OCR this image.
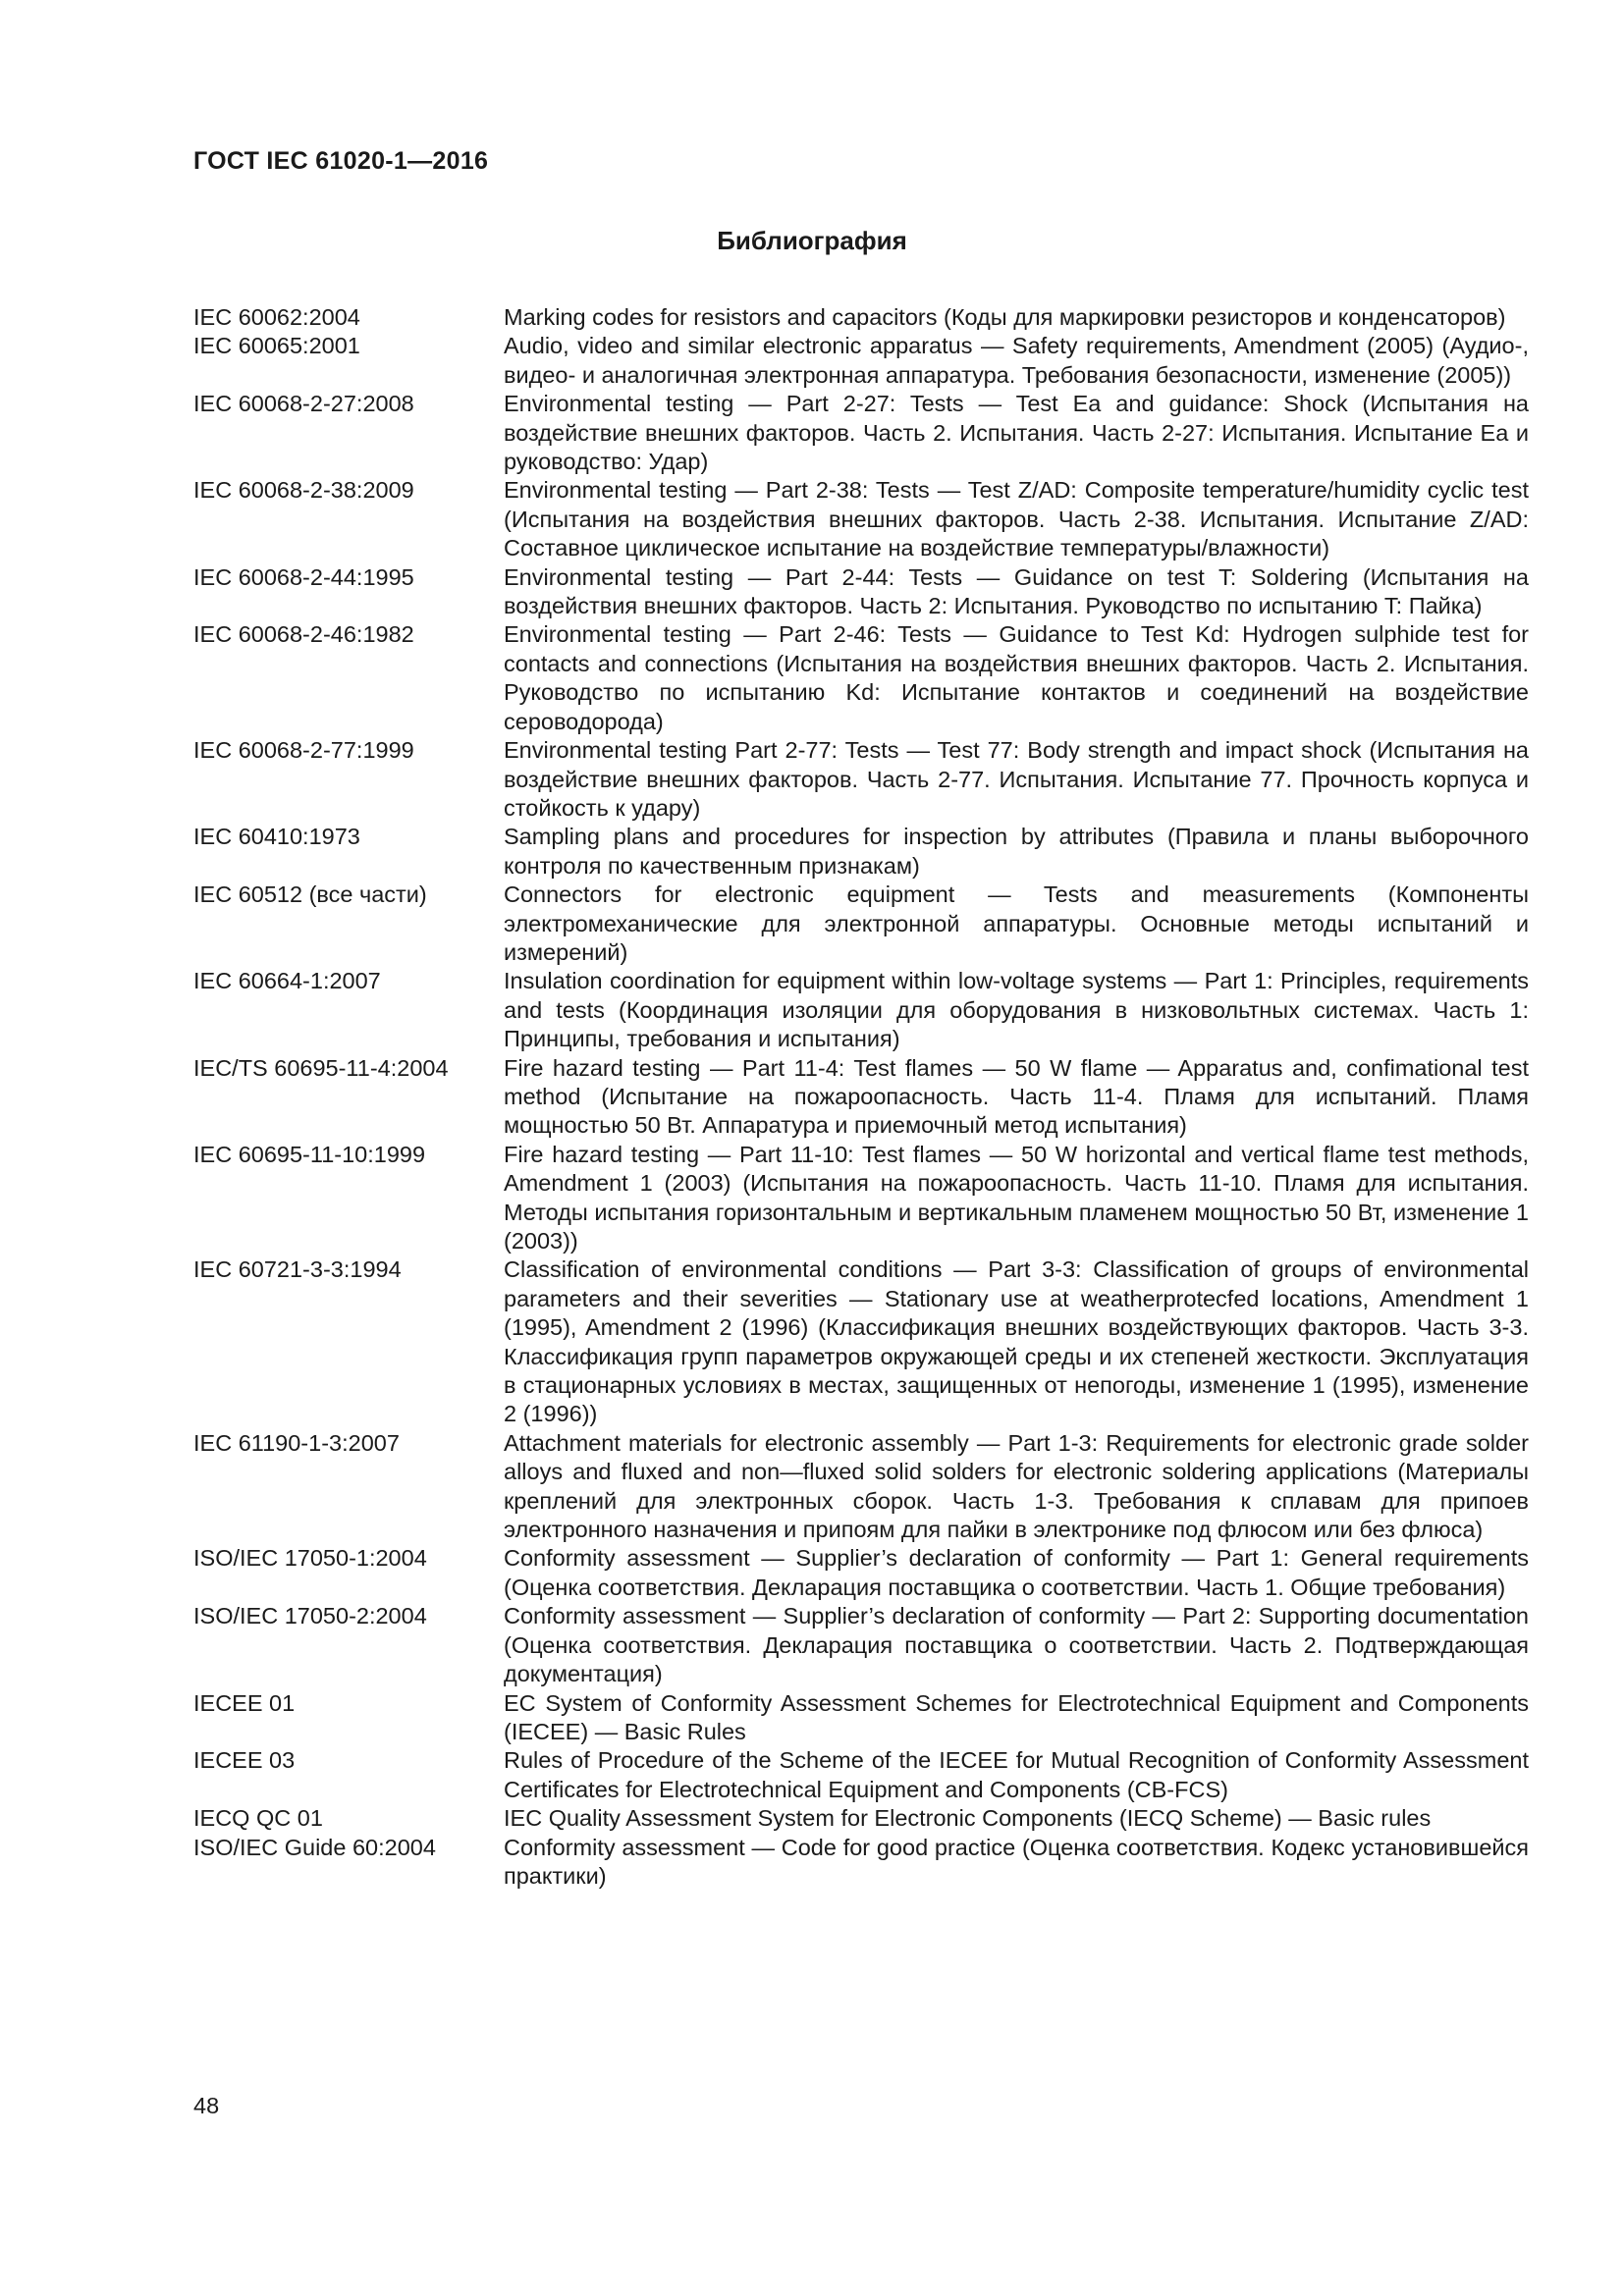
ГОСТ IEC 61020-1—2016
Библиография
IEC 60062:2004	Marking codes for resistors and capacitors (Коды для маркировки резисторов и конденсаторов)
IEC 60065:2001	Audio, video and similar electronic apparatus — Safety requirements, Amendment (2005) (Аудио-, видео- и аналогичная электронная аппаратура. Требования безопасности, изменение (2005))
IEC 60068-2-27:2008	Environmental testing — Part 2-27: Tests — Test Ea and guidance: Shock (Испытания на воздействие внешних факторов. Часть 2. Испытания. Часть 2-27: Испытания. Испытание Ea и руководство: Удар)
IEC 60068-2-38:2009	Environmental testing — Part 2-38: Tests — Test Z/AD: Composite temperature/humidity cyclic test (Испытания на воздействия внешних факторов. Часть 2-38. Испытания. Испытание Z/AD: Составное циклическое испытание на воздействие температуры/влажности)
IEC 60068-2-44:1995	Environmental testing — Part 2-44: Tests — Guidance on test T: Soldering (Испытания на воздействия внешних факторов. Часть 2: Испытания. Руководство по испытанию T: Пайка)
IEC 60068-2-46:1982	Environmental testing — Part 2-46: Tests — Guidance to Test Kd: Hydrogen sulphide test for contacts and connections (Испытания на воздействия внешних факторов. Часть 2. Испытания. Руководство по испытанию Kd: Испытание контактов и соединений на воздействие сероводорода)
IEC 60068-2-77:1999	Environmental testing Part 2-77: Tests — Test 77: Body strength and impact shock (Испытания на воздействие внешних факторов. Часть 2-77. Испытания. Испытание 77. Прочность корпуса и стойкость к удару)
IEC 60410:1973	Sampling plans and procedures for inspection by attributes (Правила и планы выборочного контроля по качественным признакам)
IEC 60512 (все части)	Connectors for electronic equipment — Tests and measurements (Компоненты электромеханические для электронной аппаратуры. Основные методы испытаний и измерений)
IEC 60664-1:2007	Insulation coordination for equipment within low-voltage systems — Part 1: Principles, requirements and tests (Координация изоляции для оборудования в низковольтных системах. Часть 1: Принципы, требования и испытания)
IEC/TS 60695-11-4:2004	Fire hazard testing — Part 11-4: Test flames — 50 W flame — Apparatus and, confimational test method (Испытание на пожароопасность. Часть 11-4. Пламя для испытаний. Пламя мощностью 50 Вт. Аппаратура и приемочный метод испытания)
IEC 60695-11-10:1999	Fire hazard testing — Part 11-10: Test flames — 50 W horizontal and vertical flame test methods, Amendment 1 (2003) (Испытания на пожароопасность. Часть 11-10. Пламя для испытания. Методы испытания горизонтальным и вертикальным пламенем мощностью 50 Вт, изменение 1 (2003))
IEC 60721-3-3:1994	Classification of environmental conditions — Part 3-3: Classification of groups of environmental parameters and their severities — Stationary use at weatherprotecfed locations, Amendment 1 (1995), Amendment 2 (1996) (Классификация внешних воздействующих факторов. Часть 3-3. Классификация групп параметров окружающей среды и их степеней жесткости. Эксплуатация в стационарных условиях в местах, защищенных от непогоды, изменение 1 (1995), изменение 2 (1996))
IEC 61190-1-3:2007	Attachment materials for electronic assembly — Part 1-3: Requirements for electronic grade solder alloys and fluxed and non—fluxed solid solders for electronic soldering applications (Материалы креплений для электронных сборок. Часть 1-3. Требования к сплавам для припоев электронного назначения и припоям для пайки в электронике под флюсом или без флюса)
ISO/IEC 17050-1:2004	Conformity assessment — Supplier’s declaration of conformity — Part 1: General requirements (Оценка соответствия. Декларация поставщика о соответствии. Часть 1. Общие требования)
ISO/IEC 17050-2:2004	Conformity assessment — Supplier’s declaration of conformity — Part 2: Supporting documentation (Оценка соответствия. Декларация поставщика о соответствии. Часть 2. Подтверждающая документация)
IECEE 01	EC System of Conformity Assessment Schemes for Electrotechnical Equipment and Components (IECEE) — Basic Rules
IECEE 03	Rules of Procedure of the Scheme of the IECEE for Mutual Recognition of Conformity Assessment Certificates for Electrotechnical Equipment and Components (CB-FCS)
IECQ QC 01	IEC Quality Assessment System for Electronic Components (IECQ Scheme) — Basic rules
ISO/IEC Guide 60:2004	Conformity assessment — Code for good practice (Оценка соответствия. Кодекс установившейся практики)
48
